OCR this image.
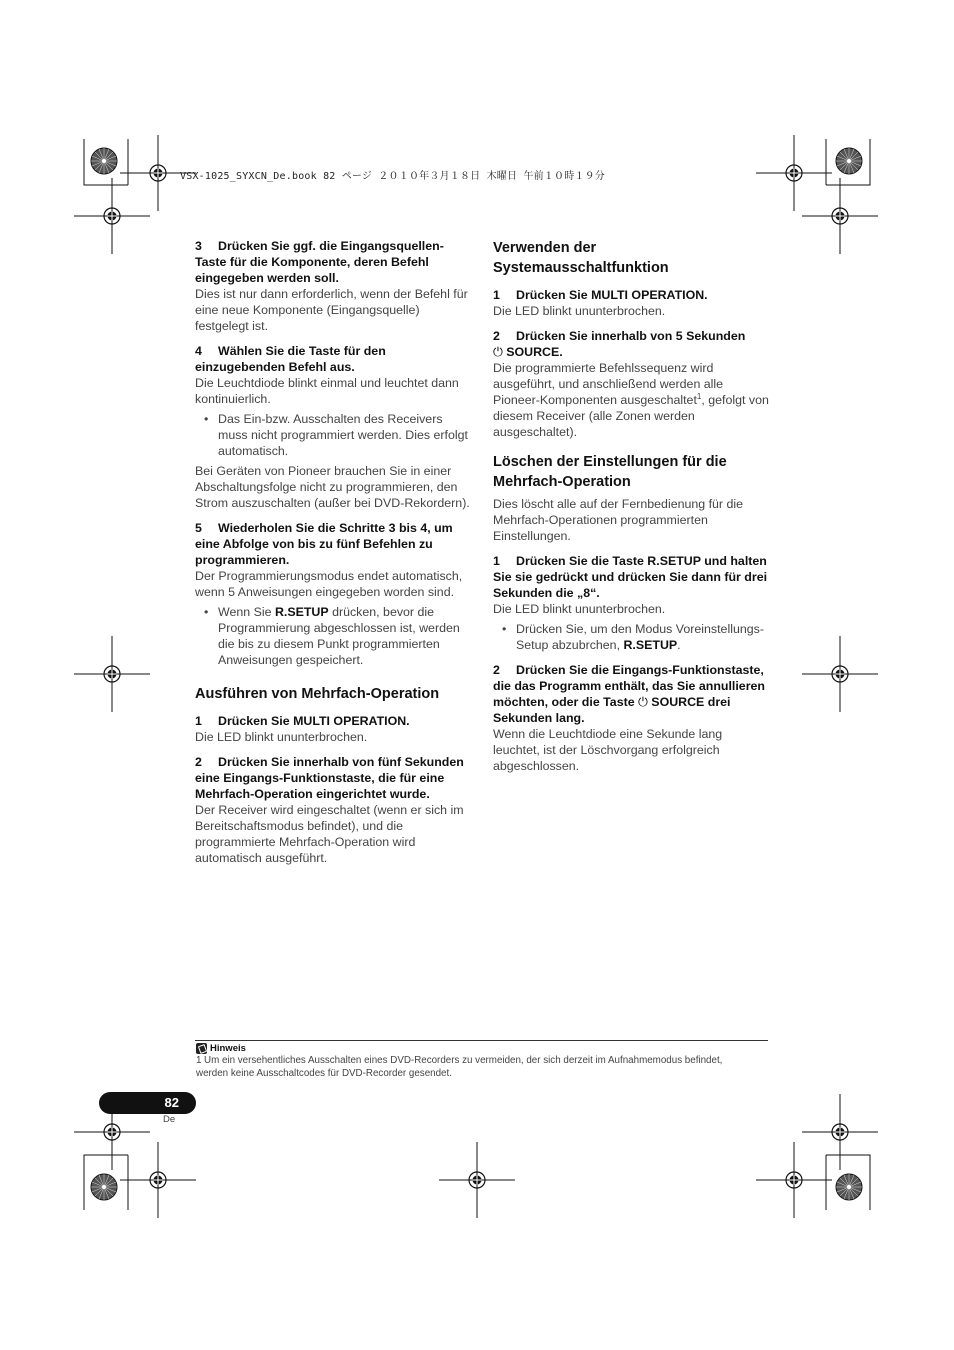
VSX-1025_SYXCN_De.book 82 ページ ２０１０年３月１８日 木曜日 午前１０時１９分
3 Drücken Sie ggf. die Eingangsquellen-Taste für die Komponente, deren Befehl eingegeben werden soll.
Dies ist nur dann erforderlich, wenn der Befehl für eine neue Komponente (Eingangsquelle) festgelegt ist.
4 Wählen Sie die Taste für den einzugebenden Befehl aus.
Die Leuchtdiode blinkt einmal und leuchtet dann kontinuierlich.
• Das Ein-bzw. Ausschalten des Receivers muss nicht programmiert werden. Dies erfolgt automatisch.
Bei Geräten von Pioneer brauchen Sie in einer Abschaltungsfolge nicht zu programmieren, den Strom auszuschalten (außer bei DVD-Rekordern).
5 Wiederholen Sie die Schritte 3 bis 4, um eine Abfolge von bis zu fünf Befehlen zu programmieren.
Der Programmierungsmodus endet automatisch, wenn 5 Anweisungen eingegeben worden sind.
• Wenn Sie R.SETUP drücken, bevor die Programmierung abgeschlossen ist, werden die bis zu diesem Punkt programmierten Anweisungen gespeichert.
Ausführen von Mehrfach-Operation
1 Drücken Sie MULTI OPERATION.
Die LED blinkt ununterbrochen.
2 Drücken Sie innerhalb von fünf Sekunden eine Eingangs-Funktionstaste, die für eine Mehrfach-Operation eingerichtet wurde.
Der Receiver wird eingeschaltet (wenn er sich im Bereitschaftsmodus befindet), und die programmierte Mehrfach-Operation wird automatisch ausgeführt.
Verwenden der Systemausschaltfunktion
1 Drücken Sie MULTI OPERATION.
Die LED blinkt ununterbrochen.
2 Drücken Sie innerhalb von 5 Sekunden
⏻ SOURCE.
Die programmierte Befehlssequenz wird ausgeführt, und anschließend werden alle Pioneer-Komponenten ausgeschaltet$^1$, gefolgt von diesem Receiver (alle Zonen werden ausgeschaltet).
Löschen der Einstellungen für die Mehrfach-Operation
Dies löscht alle auf der Fernbedienung für die Mehrfach-Operationen programmierten Einstellungen.
1 Drücken Sie die Taste R.SETUP und halten Sie sie gedrückt und drücken Sie dann für drei Sekunden die „8“.
Die LED blinkt ununterbrochen.
• Drücken Sie, um den Modus Voreinstellungs-Setup abzubrchen, R.SETUP.
2 Drücken Sie die Eingangs-Funktionstaste, die das Programm enthält, das Sie annullieren möchten, oder die Taste ⏻ SOURCE drei Sekunden lang.
Wenn die Leuchtdiode eine Sekunde lang leuchtet, ist der Löschvorgang erfolgreich abgeschlossen.
Hinweis
1 Um ein versehentliches Ausschalten eines DVD-Recorders zu vermeiden, der sich derzeit im Aufnahmemodus befindet, werden keine Ausschaltcodes für DVD-Recorder gesendet.
82
De
